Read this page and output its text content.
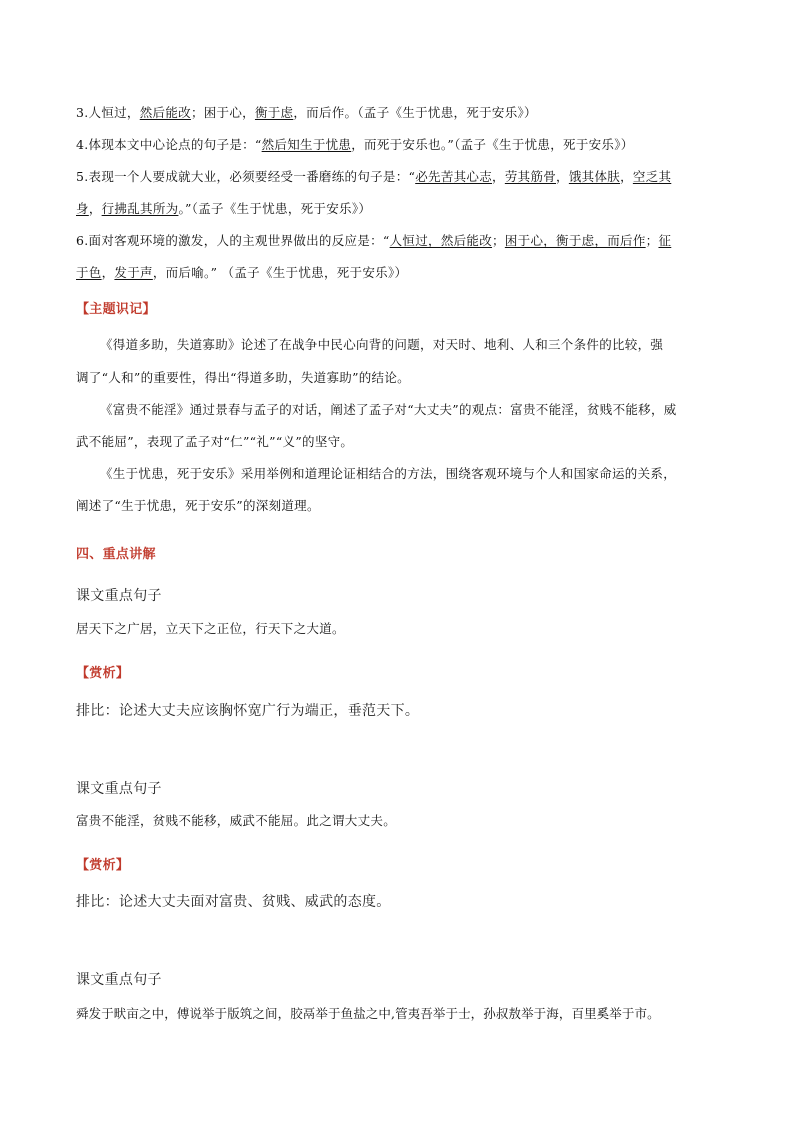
3.人恒过，然后能改；困于心，衡于虑，而后作。（孟子《生于忧患，死于安乐》）
4.体现本文中心论点的句子是：“然后知生于忧患，而死于安乐也。”（孟子《生于忧患，死于安乐》）
5.表现一个人要成就大业，必须要经受一番磨练的句子是：“必先苦其心志，劳其筋骨，饿其体肤，空乏其
身，行拂乱其所为。”（孟子《生于忧患，死于安乐》）
6.面对客观环境的激发，人的主观世界做出的反应是：“人恒过，然后能改；困于心，衡于虑，而后作；征
于色，发于声，而后喻。” （孟子《生于忧患，死于安乐》）
【主题识记】
《得道多助，失道寡助》论述了在战争中民心向背的问题，对天时、地利、人和三个条件的比较，强
调了“人和”的重要性，得出“得道多助，失道寡助”的结论。
《富贵不能淫》通过景春与孟子的对话，阐述了孟子对“大丈夫”的观点：富贵不能淫，贫贱不能移，威
武不能屈”，表现了孟子对“仁”“礼”“义”的坚守。
《生于忧患，死于安乐》采用举例和道理论证相结合的方法，围绕客观环境与个人和国家命运的关系，
阐述了“生于忧患，死于安乐”的深刻道理。
四、重点讲解
课文重点句子
居天下之广居，立天下之正位，行天下之大道。
【赏析】
排比：论述大丈夫应该胸怀宽广行为端正，垂范天下。
课文重点句子
富贵不能淫，贫贱不能移，威武不能屈。此之谓大丈夫。
【赏析】
排比：论述大丈夫面对富贵、贫贱、威武的态度。
课文重点句子
舜发于畎亩之中，傅说举于版筑之间，胶鬲举于鱼盐之中,管夷吾举于士，孙叔敖举于海，百里奚举于市。
